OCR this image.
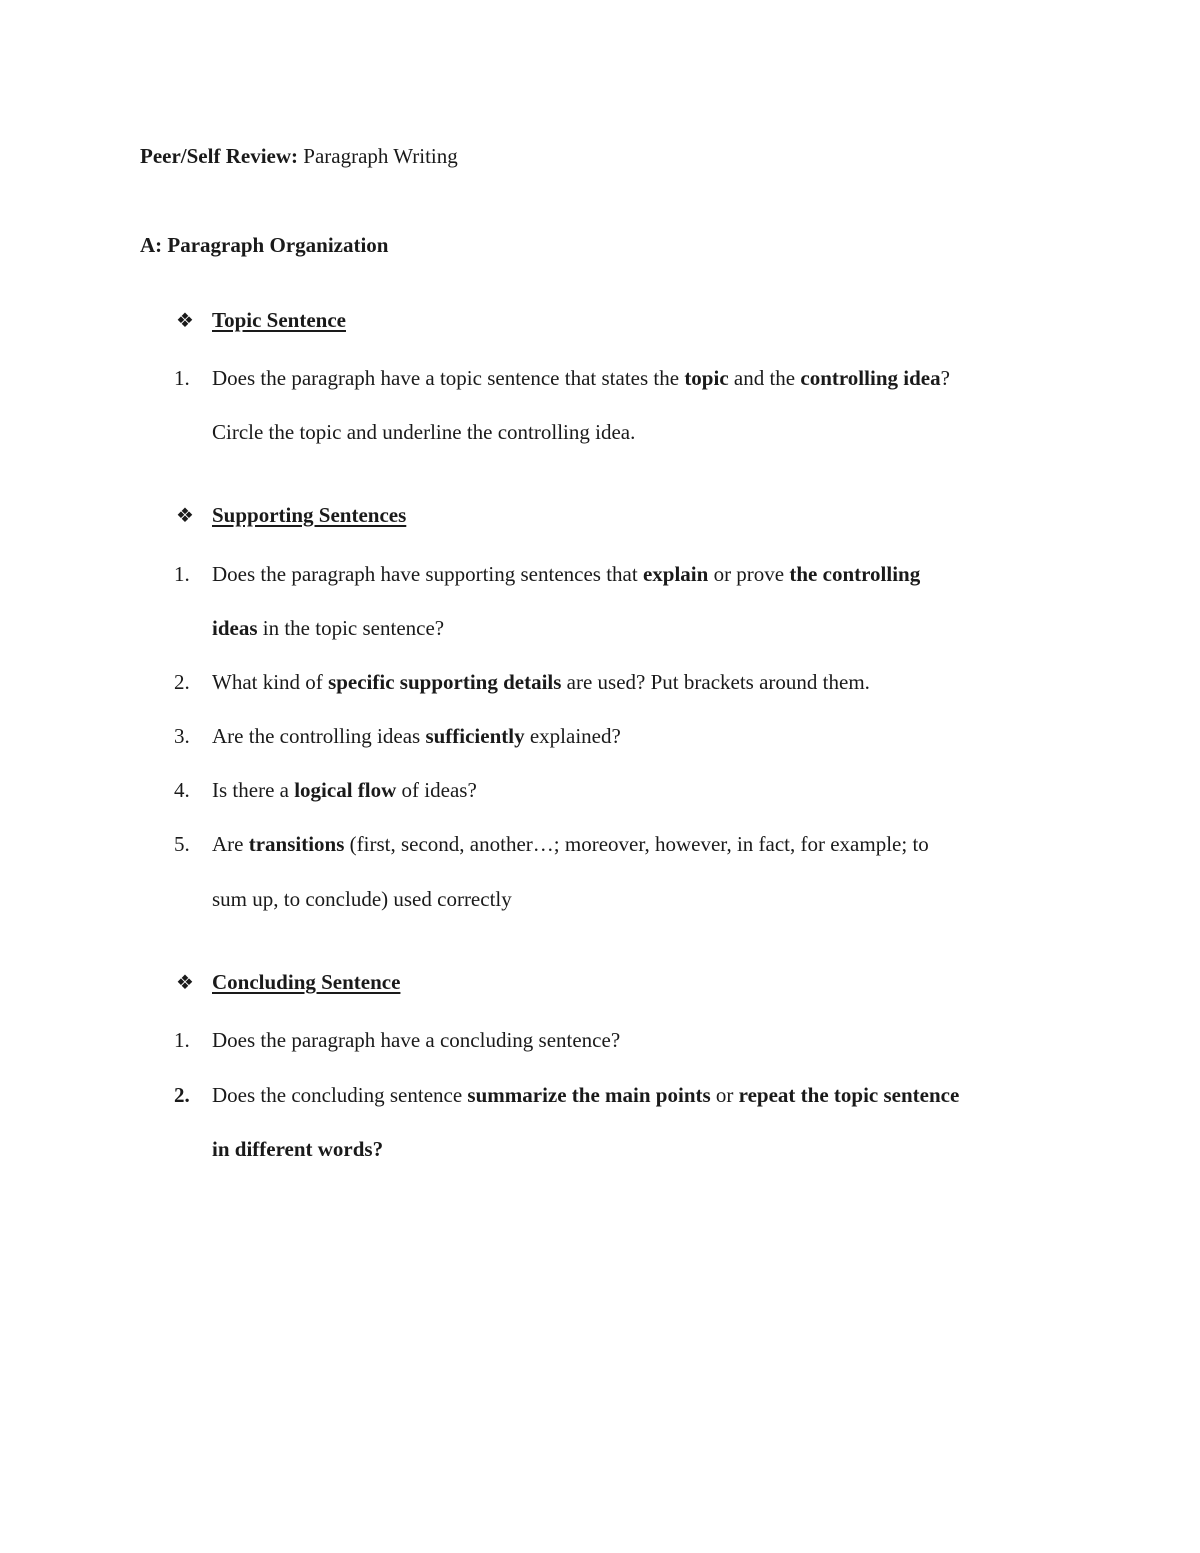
Peer/Self Review: Paragraph Writing
A: Paragraph Organization
❖ Topic Sentence
1. Does the paragraph have a topic sentence that states the topic and the controlling idea?
Circle the topic and underline the controlling idea.
❖ Supporting Sentences
1. Does the paragraph have supporting sentences that explain or prove the controlling
ideas in the topic sentence?
2. What kind of specific supporting details are used? Put brackets around them.
3. Are the controlling ideas sufficiently explained?
4. Is there a logical flow of ideas?
5. Are transitions (first, second, another…; moreover, however, in fact, for example; to
sum up, to conclude) used correctly
❖ Concluding Sentence
1. Does the paragraph have a concluding sentence?
2. Does the concluding sentence summarize the main points or repeat the topic sentence
in different words?
